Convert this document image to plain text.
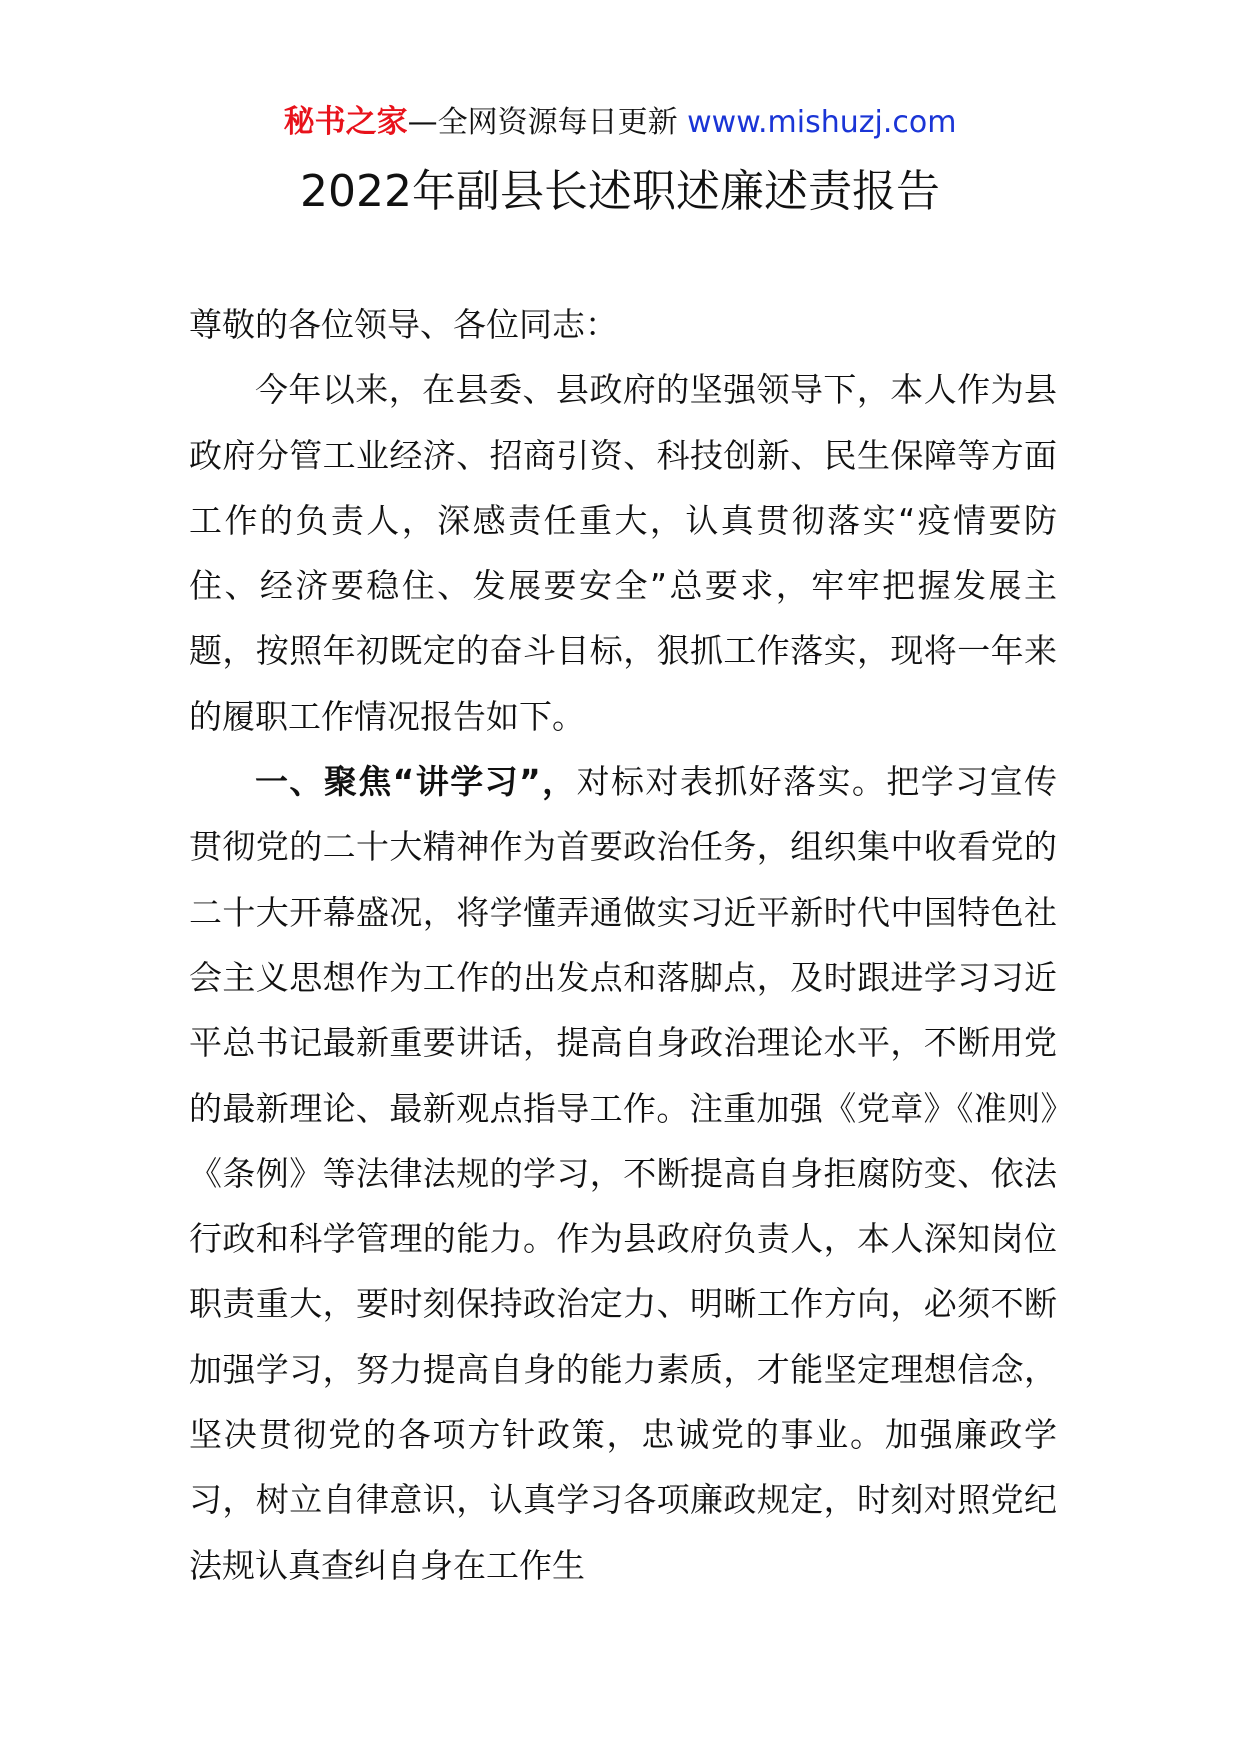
秘书之家—全网资源每日更新 www.mishuzj.com
2022年副县长述职述廉述责报告

尊敬的各位领导、各位同志：

今年以来，在县委、县政府的坚强领导下，本人作为县政府分管工业经济、招商引资、科技创新、民生保障等方面工作的负责人，深感责任重大，认真贯彻落实“疫情要防住、经济要稳住、发展要安全”总要求，牢牢把握发展主题，按照年初既定的奋斗目标，狠抓工作落实，现将一年来的履职工作情况报告如下。

一、聚焦“讲学习”，对标对表抓好落实。把学习宣传贯彻党的二十大精神作为首要政治任务，组织集中收看党的二十大开幕盛况，将学懂弄通做实习近平新时代中国特色社会主义思想作为工作的出发点和落脚点，及时跟进学习习近平总书记最新重要讲话，提高自身政治理论水平，不断用党的最新理论、最新观点指导工作。注重加强《党章》《准则》《条例》等法律法规的学习，不断提高自身拒腐防变、依法行政和科学管理的能力。作为县政府负责人，本人深知岗位职责重大，要时刻保持政治定力、明晰工作方向，必须不断加强学习，努力提高自身的能力素质，才能坚定理想信念，坚决贯彻党的各项方针政策，忠诚党的事业。加强廉政学习，树立自律意识，认真学习各项廉政规定，时刻对照党纪法规认真查纠自身在工作生
